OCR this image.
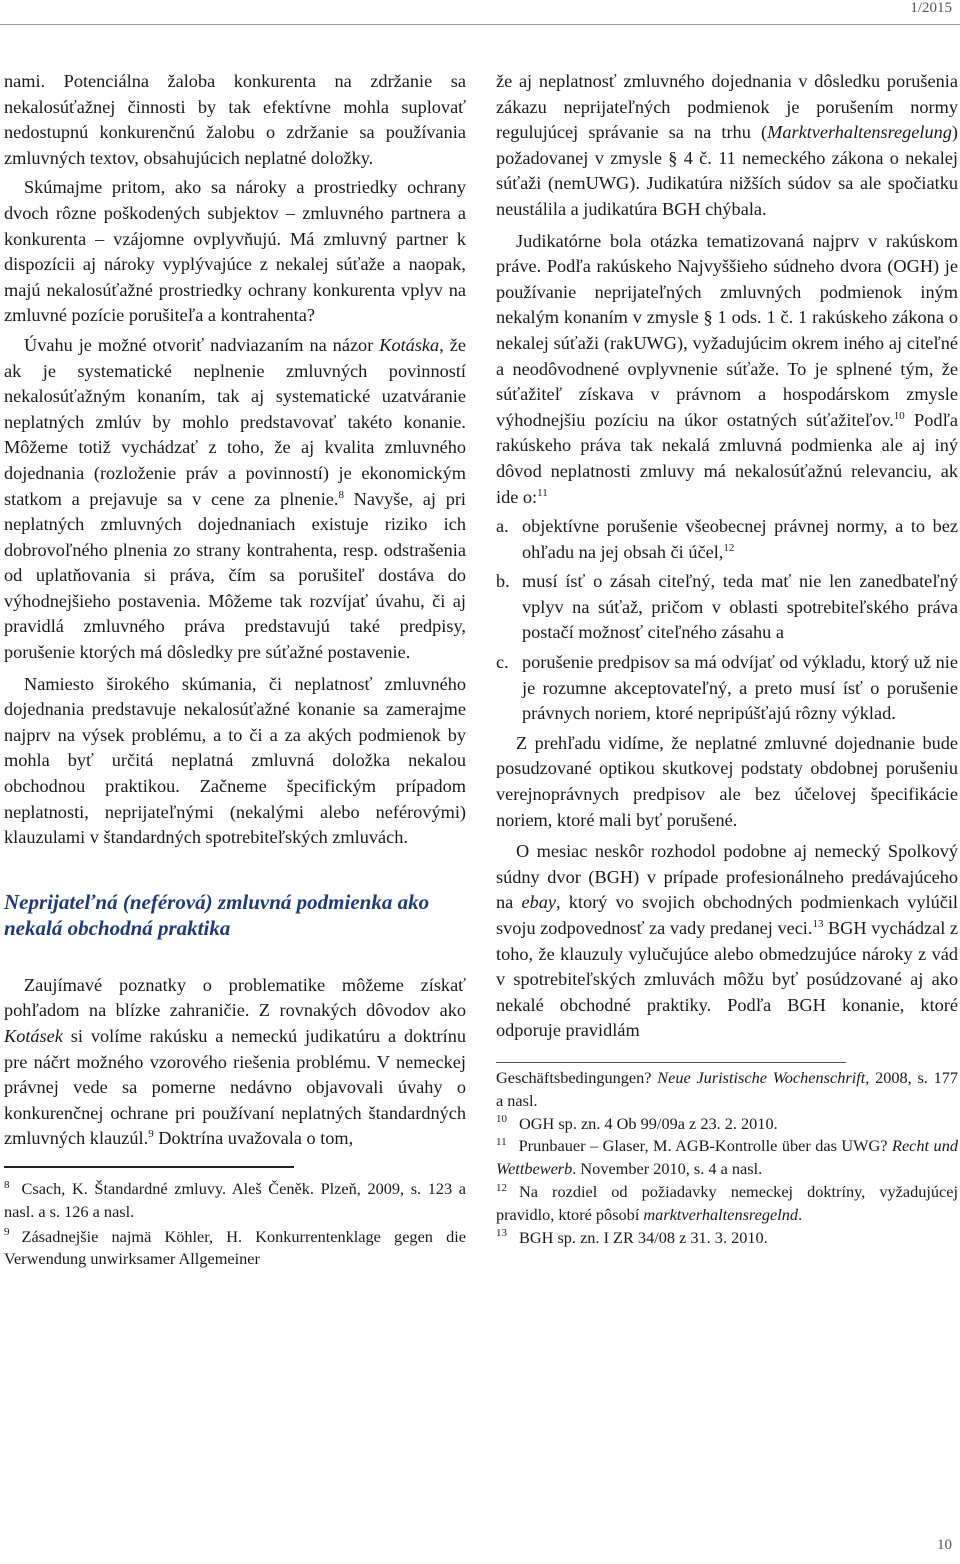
1/2015

nami. Potenciálna žaloba konkurenta na zdržanie sa nekalosúťažnej činnosti by tak efektívne mohla suplovať nedostupnú konkurenčnú žalobu o zdržanie sa používania zmluvných textov, obsahujúcich neplatné doložky.

Skúmajme pritom, ako sa nároky a prostriedky ochrany dvoch rôzne poškodených subjektov – zmluvného partnera a konkurenta – vzájomne ovplyvňujú. Má zmluvný partner k dispozícii aj nároky vyplývajúce z nekalej súťaže a naopak, majú nekalosúťažné prostriedky ochrany konkurenta vplyv na zmluvné pozície porušiteľa a kontrahenta?

Úvahu je možné otvoriť nadviazaním na názor Kotáska, že ak je systematické neplnenie zmluvných povinností nekalosúťažným konaním, tak aj systematické uzatváranie neplatných zmlúv by mohlo predstavovať takéto konanie. Môžeme totiž vychádzať z toho, že aj kvalita zmluvného dojednania (rozloženie práv a povinností) je ekonomickým statkom a prejavuje sa v cene za plnenie.$^8$ Navyše, aj pri neplatných zmluvných dojednaniach existuje riziko ich dobrovoľného plnenia zo strany kontrahenta, resp. odstrašenia od uplatňovania si práva, čím sa porušiteľ dostáva do výhodnejšieho postavenia. Môžeme tak rozvíjať úvahu, či aj pravidlá zmluvného práva predstavujú také predpisy, porušenie ktorých má dôsledky pre súťažné postavenie.

Namiesto širokého skúmania, či neplatnosť zmluvného dojednania predstavuje nekalosúťažné konanie sa zamerajme najprv na výsek problému, a to či a za akých podmienok by mohla byť určitá neplatná zmluvná doložka nekalou obchodnou praktikou. Začneme špecifickým prípadom neplatnosti, neprijateľnými (nekalými alebo neférovými) klauzulami v štandardných spotrebiteľských zmluvách.

Neprijateľná (neférová) zmluvná podmienka ako nekalá obchodná praktika

Zaujímavé poznatky o problematike môžeme získať pohľadom na blízke zahraničie. Z rovnakých dôvodov ako Kotásek si volíme rakúsku a nemeckú judikatúru a doktrínu pre náčrt možného vzorového riešenia problému. V nemeckej právnej vede sa pomerne nedávno objavovali úvahy o konkurenčnej ochrane pri používaní neplatných štandardných zmluvných klauzúl.$^9$ Doktrína uvažovala o tom,

$^8$ Csach, K. Štandardné zmluvy. Aleš Čeněk. Plzeň, 2009, s. 123 a nasl. a s. 126 a nasl.

$^9$ Zásadnejšie najmä Köhler, H. Konkurrentenklage gegen die Verwendung unwirksamer Allgemeiner

že aj neplatnosť zmluvného dojednania v dôsledku porušenia zákazu neprijateľných podmienok je porušením normy regulujúcej správanie sa na trhu (Marktverhaltensregelung) požadovanej v zmysle § 4 č. 11 nemeckého zákona o nekalej súťaži (nemUWG). Judikatúra nižších súdov sa ale spočiatku neustálila a judikatúra BGH chýbala.

Judikatórne bola otázka tematizovaná najprv v rakúskom práve. Podľa rakúskeho Najvyššieho súdneho dvora (OGH) je používanie neprijateľných zmluvných podmienok iným nekalým konaním v zmysle § 1 ods. 1 č. 1 rakúskeho zákona o nekalej súťaži (rakUWG), vyžadujúcim okrem iného aj citeľné a neodôvodnené ovplyvnenie súťaže. To je splnené tým, že súťažiteľ získava v právnom a hospodárskom zmysle výhodnejšiu pozíciu na úkor ostatných súťažiteľov.$^{10}$ Podľa rakúskeho práva tak nekalá zmluvná podmienka ale aj iný dôvod neplatnosti zmluvy má nekalosúťažnú relevanciu, ak ide o:$^{11}$

a. objektívne porušenie všeobecnej právnej normy, a to bez ohľadu na jej obsah či účel,$^{12}$
b. musí ísť o zásah citeľný, teda mať nie len zanedbateľný vplyv na súťaž, pričom v oblasti spotrebiteľského práva postačí možnosť citeľného zásahu a
c. porušenie predpisov sa má odvíjať od výkladu, ktorý už nie je rozumne akceptovateľný, a preto musí ísť o porušenie právnych noriem, ktoré nepripúšťajú rôzny výklad.

Z prehľadu vidíme, že neplatné zmluvné dojednanie bude posudzované optikou skutkovej podstaty obdobnej porušeniu verejnoprávnych predpisov ale bez účelovej špecifikácie noriem, ktoré mali byť porušené.

O mesiac neskôr rozhodol podobne aj nemecký Spolkový súdny dvor (BGH) v prípade profesionálneho predávajúceho na ebay, ktorý vo svojich obchodných podmienkach vylúčil svoju zodpovednosť za vady predanej veci.$^{13}$ BGH vychádzal z toho, že klauzuly vylučujúce alebo obmedzujúce nároky z vád v spotrebiteľských zmluvách môžu byť posúdzované aj ako nekalé obchodné praktiky. Podľa BGH konanie, ktoré odporuje pravidlám

Geschäftsbedingungen? Neue Juristische Wochenschrift, 2008, s. 177 a nasl.

$^{10}$ OGH sp. zn. 4 Ob 99/09a z 23. 2. 2010.

$^{11}$ Prunbauer – Glaser, M. AGB-Kontrolle über das UWG? Recht und Wettbewerb. November 2010, s. 4 a nasl.

$^{12}$ Na rozdiel od požiadavky nemeckej doktríny, vyžadujúcej pravidlo, ktoré pôsobí marktverhaltensregelnd.

$^{13}$ BGH sp. zn. I ZR 34/08 z 31. 3. 2010.

10
